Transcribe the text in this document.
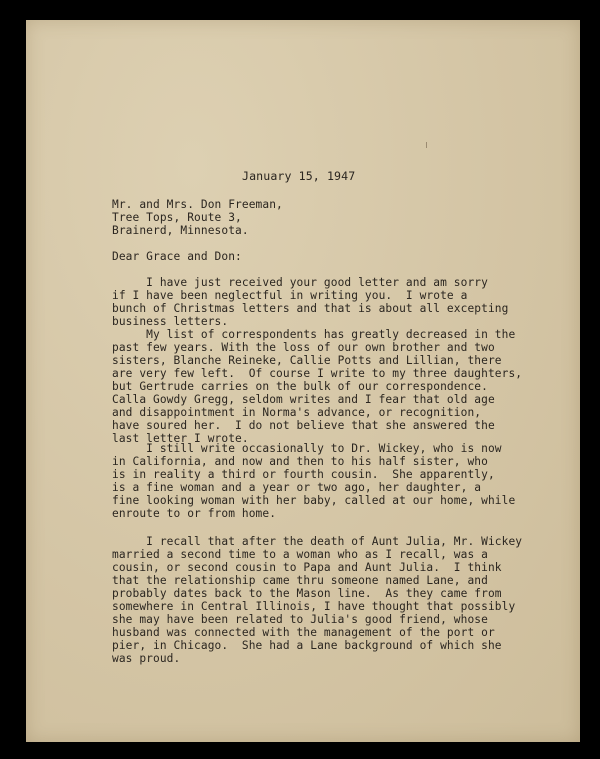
January 15, 1947
Mr. and Mrs. Don Freeman,
Tree Tops, Route 3,
Brainerd, Minnesota.
Dear Grace and Don:
I have just received your good letter and am sorry
if I have been neglectful in writing you.  I wrote a
bunch of Christmas letters and that is about all excepting
business letters.
My list of correspondents has greatly decreased in the
past few years. With the loss of our own brother and two
sisters, Blanche Reineke, Callie Potts and Lillian, there
are very few left.  Of course I write to my three daughters,
but Gertrude carries on the bulk of our correspondence.
Calla Gowdy Gregg, seldom writes and I fear that old age
and disappointment in Norma's advance, or recognition,
have soured her.  I do not believe that she answered the
last letter I wrote.
I still write occasionally to Dr. Wickey, who is now
in California, and now and then to his half sister, who
is in reality a third or fourth cousin.  She apparently,
is a fine woman and a year or two ago, her daughter, a
fine looking woman with her baby, called at our home, while
enroute to or from home.
I recall that after the death of Aunt Julia, Mr. Wickey
married a second time to a woman who as I recall, was a
cousin, or second cousin to Papa and Aunt Julia.  I think
that the relationship came thru someone named Lane, and
probably dates back to the Mason line.  As they came from
somewhere in Central Illinois, I have thought that possibly
she may have been related to Julia's good friend, whose
husband was connected with the management of the port or
pier, in Chicago.  She had a Lane background of which she
was proud.
